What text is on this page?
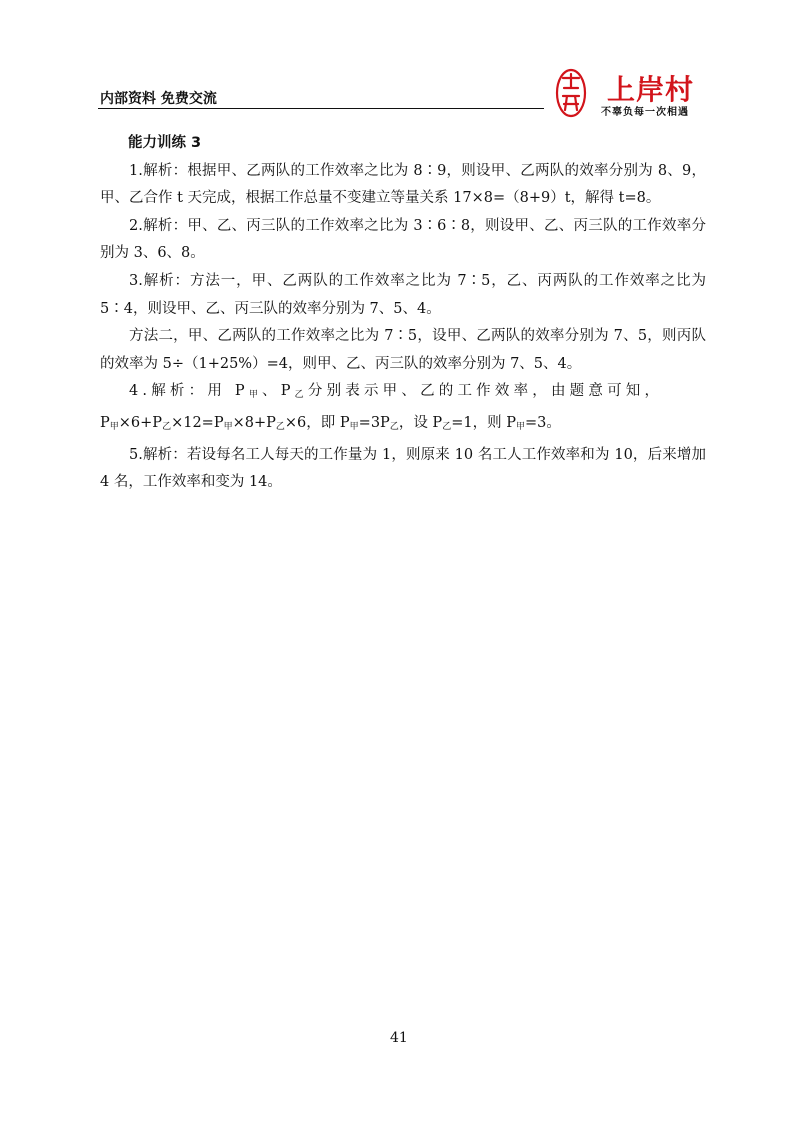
内部资料 免费交流	上岸村
不辜负每一次相遇
能力训练 3

1.解析：根据甲、乙两队的工作效率之比为 8∶9，则设甲、乙两队的效率分别为 8、9，甲、乙合作 t 天完成，根据工作总量不变建立等量关系 17×8=（8+9）t，解得 t=8。

2.解析：甲、乙、丙三队的工作效率之比为 3∶6∶8，则设甲、乙、丙三队的工作效率分别为 3、6、8。

3.解析：方法一，甲、乙两队的工作效率之比为 7∶5，乙、丙两队的工作效率之比为 5∶4，则设甲、乙、丙三队的效率分别为 7、5、4。

方法二，甲、乙两队的工作效率之比为 7∶5，设甲、乙两队的效率分别为 7、5，则丙队的效率为 5÷（1+25%）=4，则甲、乙、丙三队的效率分别为 7、5、4。

4.解析：用 $P_甲$、$P_乙$分别表示甲、乙的工作效率，由题意可知，

$P_甲\times 6+P_乙\times 12=P_甲\times 8+P_乙\times 6$，即 $P_甲=3P_乙$，设 $P_乙=1$，则 $P_甲=3$。

5.解析：若设每名工人每天的工作量为 1，则原来 10 名工人工作效率和为 10，后来增加 4 名，工作效率和变为 14。

41
